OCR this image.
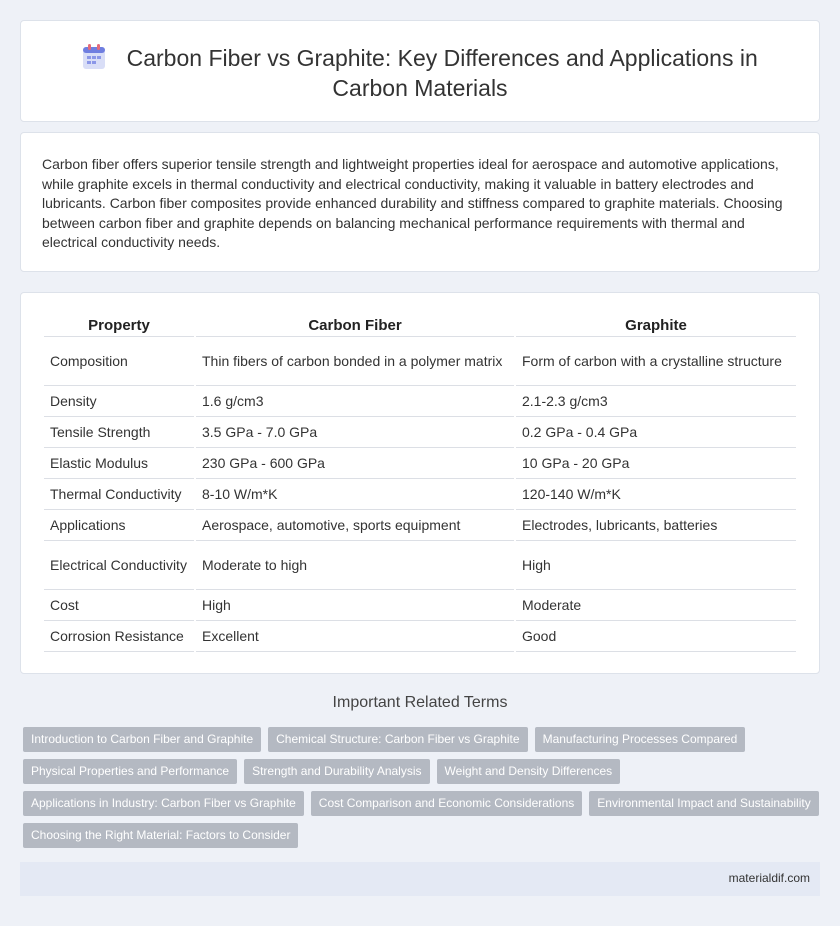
Carbon Fiber vs Graphite: Key Differences and Applications in Carbon Materials

Carbon fiber offers superior tensile strength and lightweight properties ideal for aerospace and automotive applications, while graphite excels in thermal conductivity and electrical conductivity, making it valuable in battery electrodes and lubricants. Carbon fiber composites provide enhanced durability and stiffness compared to graphite materials. Choosing between carbon fiber and graphite depends on balancing mechanical performance requirements with thermal and electrical conductivity needs.

Property	Carbon Fiber	Graphite
Composition	Thin fibers of carbon bonded in a polymer matrix	Form of carbon with a crystalline structure
Density	1.6 g/cm3	2.1-2.3 g/cm3
Tensile Strength	3.5 GPa - 7.0 GPa	0.2 GPa - 0.4 GPa
Elastic Modulus	230 GPa - 600 GPa	10 GPa - 20 GPa
Thermal Conductivity	8-10 W/m*K	120-140 W/m*K
Applications	Aerospace, automotive, sports equipment	Electrodes, lubricants, batteries
Electrical Conductivity	Moderate to high	High
Cost	High	Moderate
Corrosion Resistance	Excellent	Good
Important Related Terms
Introduction to Carbon Fiber and Graphite	Chemical Structure: Carbon Fiber vs Graphite	Manufacturing Processes Compared
Physical Properties and Performance	Strength and Durability Analysis	Weight and Density Differences
Applications in Industry: Carbon Fiber vs Graphite	Cost Comparison and Economic Considerations	Environmental Impact and Sustainability
Choosing the Right Material: Factors to Consider
materialdif.com
